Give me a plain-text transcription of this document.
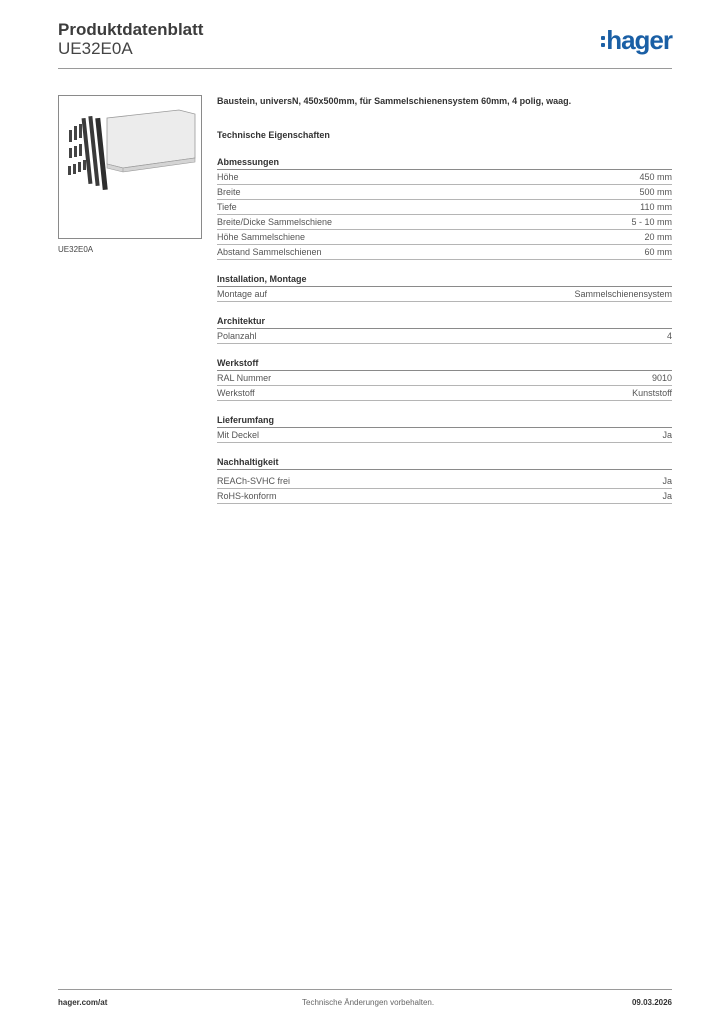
Produktdatenblatt
UE32E0A	hager
UE32E0A

Baustein, universN, 450x500mm, für Sammelschienensystem 60mm, 4 polig, waag.

Technische Eigenschaften
Abmessungen
Höhe	450 mm
Breite	500 mm
Tiefe	110 mm
Breite/Dicke Sammelschiene	5 - 10 mm
Höhe Sammelschiene	20 mm
Abstand Sammelschienen	60 mm
Installation, Montage
Montage auf	Sammelschienensystem
Architektur
Polanzahl	4
Werkstoff
RAL Nummer	9010
Werkstoff	Kunststoff
Lieferumfang
Mit Deckel	Ja
Nachhaltigkeit
REACh-SVHC frei	Ja
RoHS-konform	Ja
hager.com/at	Technische Änderungen vorbehalten.	09.03.2026
